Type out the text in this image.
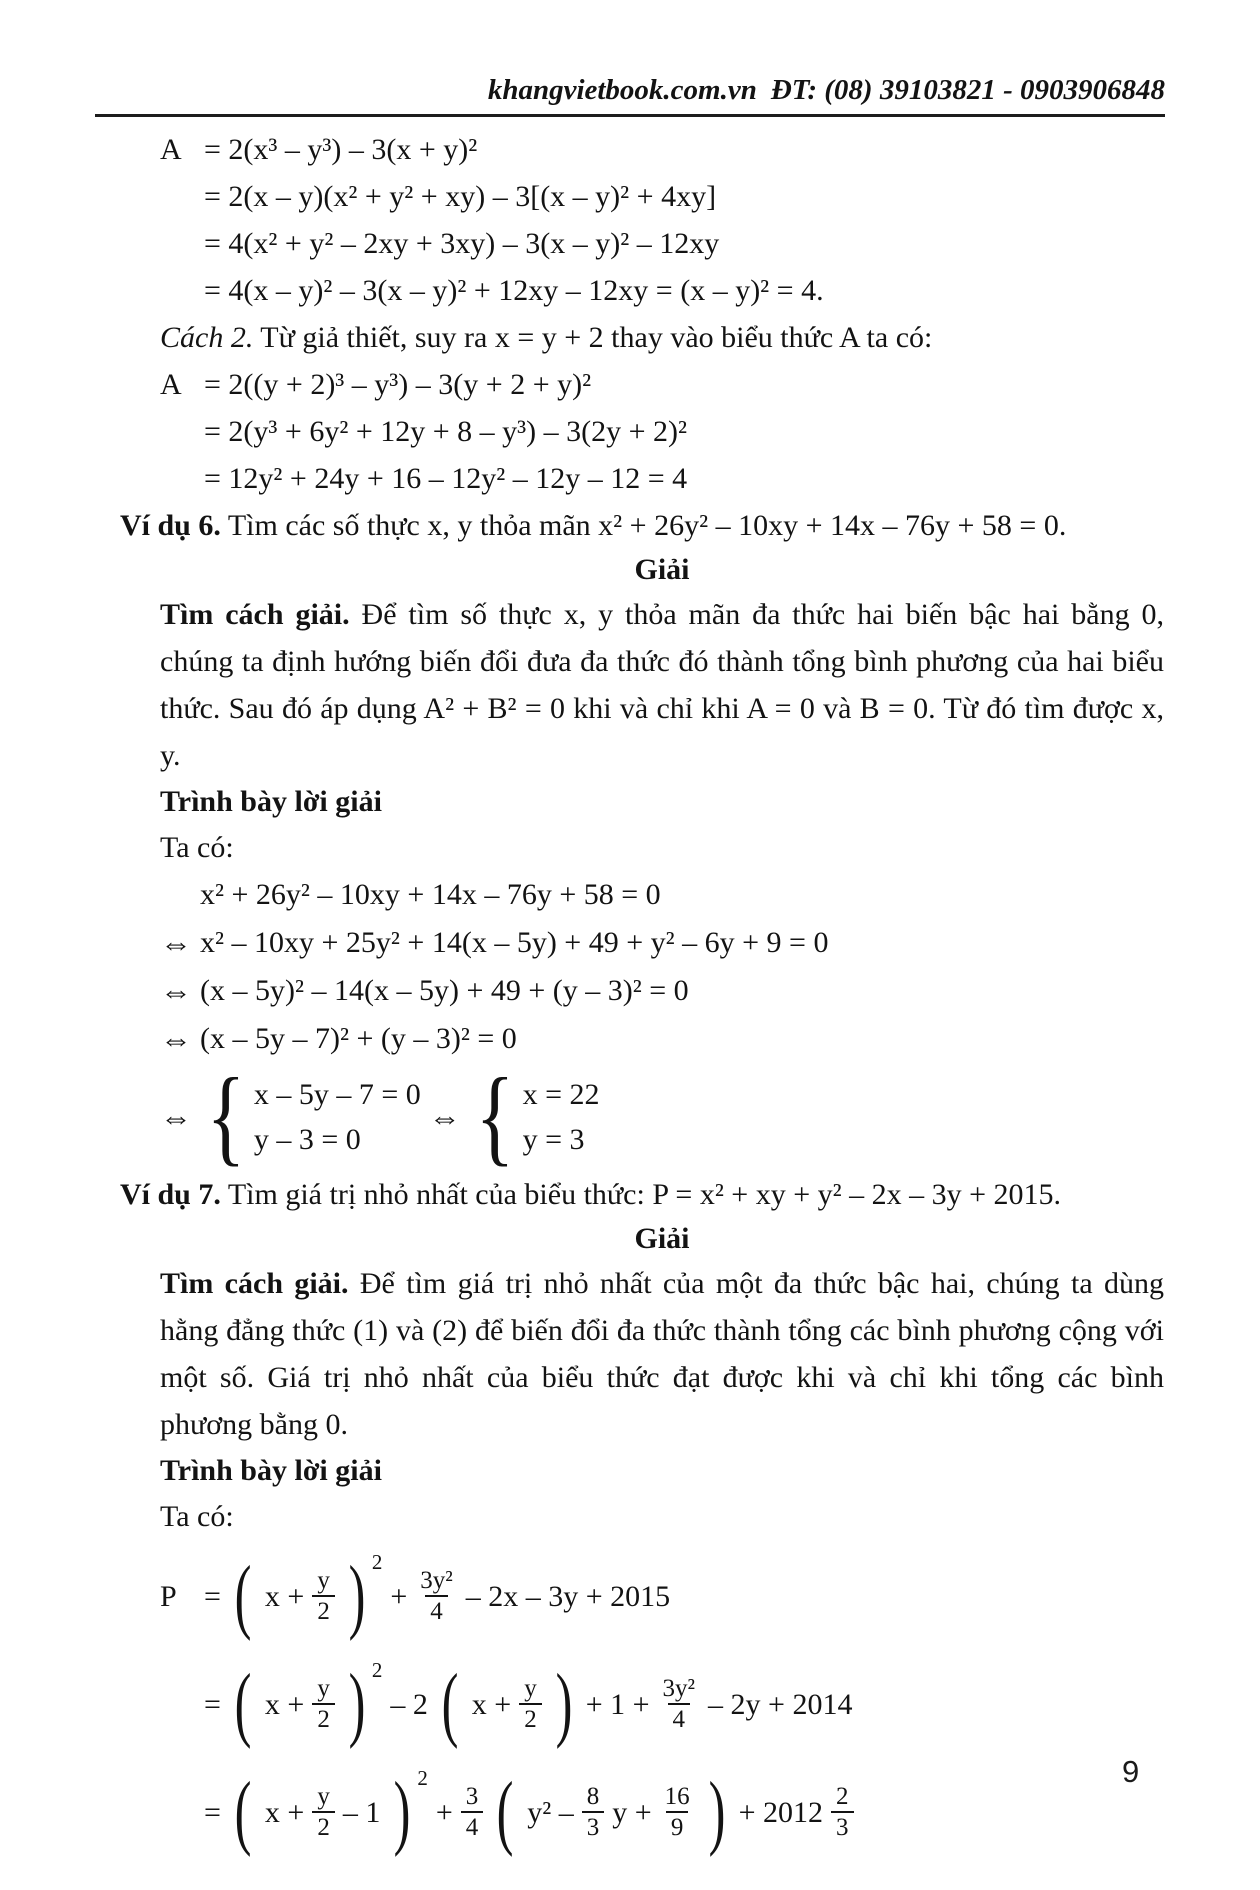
khangvietbook.com.vn ĐT: (08) 39103821 - 0903906848
A = 2(x³ – y³) – 3(x + y)²
= 2(x – y)(x² + y² + xy) – 3[(x – y)² + 4xy]
= 4(x² + y² – 2xy + 3xy) – 3(x – y)² – 12xy
= 4(x – y)² – 3(x – y)² + 12xy – 12xy = (x – y)² = 4.

Cách 2. Từ giả thiết, suy ra x = y + 2 thay vào biểu thức A ta có:

A = 2((y + 2)³ – y³) – 3(y + 2 + y)²
= 2(y³ + 6y² + 12y + 8 – y³) – 3(2y + 2)²
= 12y² + 24y + 16 – 12y² – 12y – 12 = 4

Ví dụ 6. Tìm các số thực x, y thỏa mãn x² + 26y² – 10xy + 14x – 76y + 58 = 0.

Giải

Tìm cách giải. Để tìm số thực x, y thỏa mãn đa thức hai biến bậc hai bằng 0, chúng ta định hướng biến đổi đưa đa thức đó thành tổng bình phương của hai biểu thức. Sau đó áp dụng A² + B² = 0 khi và chỉ khi A = 0 và B = 0. Từ đó tìm được x, y.

Trình bày lời giải

Ta có:

x² + 26y² – 10xy + 14x – 76y + 58 = 0
⇔ x² – 10xy + 25y² + 14(x – 5y) + 49 + y² – 6y + 9 = 0
⇔ (x – 5y)² – 14(x – 5y) + 49 + (y – 3)² = 0
⇔ (x – 5y – 7)² + (y – 3)² = 0
⇔ { x – 5y – 7 = 0
y – 3 = 0
⇔ { x = 22
y = 3

Ví dụ 7. Tìm giá trị nhỏ nhất của biểu thức: P = x² + xy + y² – 2x – 3y + 2015.

Giải

Tìm cách giải. Để tìm giá trị nhỏ nhất của một đa thức bậc hai, chúng ta dùng hằng đẳng thức (1) và (2) để biến đổi đa thức thành tổng các bình phương cộng với một số. Giá trị nhỏ nhất của biểu thức đạt được khi và chỉ khi tổng các bình phương bằng 0.

Trình bày lời giải

Ta có:

P = ( $x + \frac{y}{2}$ ) 2
+ $\frac{\text{3y²}}{4} - 2x - 3y + 2015$
= ( $x + \frac{y}{2}$ ) 2
– 2 ( $x + \frac{y}{2}$ ) + $1 + \frac{\text{3y²}}{4} - 2y + 2014$
= ( $x + \frac{y}{2} - 1$ ) 2
+ $\frac{3}{4}$ ( $y^2 - \frac{8}{3}$ $y + \frac{16}{9}$ ) + $2012 \frac{2}{3}$
9
